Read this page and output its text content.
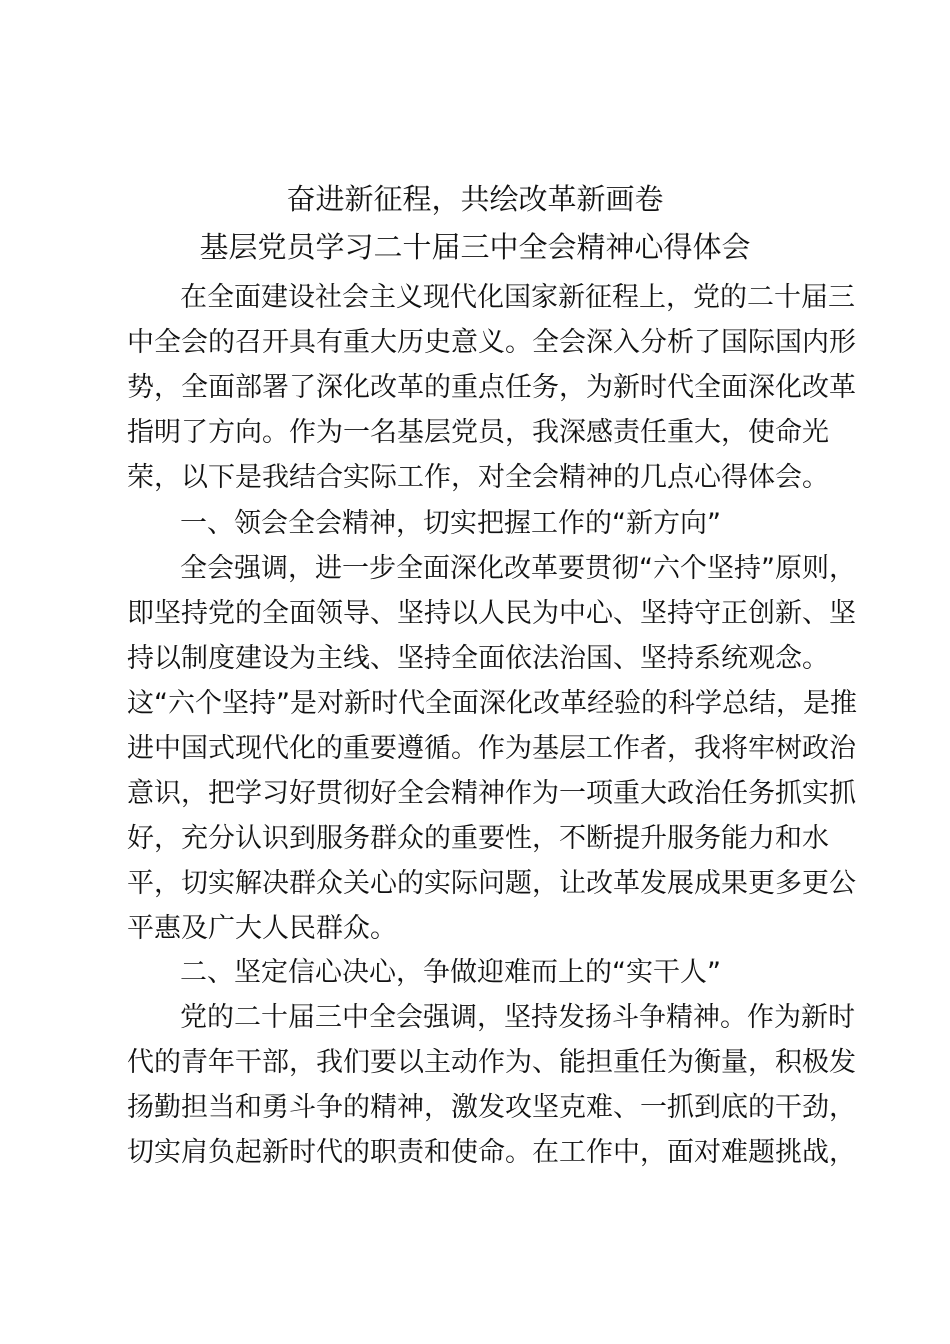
奋进新征程，共绘改革新画卷
基层党员学习二十届三中全会精神心得体会
在全面建设社会主义现代化国家新征程上，党的二十届三
中全会的召开具有重大历史意义。全会深入分析了国际国内形
势，全面部署了深化改革的重点任务，为新时代全面深化改革
指明了方向。作为一名基层党员，我深感责任重大，使命光
荣，以下是我结合实际工作，对全会精神的几点心得体会。
一、领会全会精神，切实把握工作的“新方向”
全会强调，进一步全面深化改革要贯彻“六个坚持”原则，
即坚持党的全面领导、坚持以人民为中心、坚持守正创新、坚
持以制度建设为主线、坚持全面依法治国、坚持系统观念。
这“六个坚持”是对新时代全面深化改革经验的科学总结，是推
进中国式现代化的重要遵循。作为基层工作者，我将牢树政治
意识，把学习好贯彻好全会精神作为一项重大政治任务抓实抓
好，充分认识到服务群众的重要性，不断提升服务能力和水
平，切实解决群众关心的实际问题，让改革发展成果更多更公
平惠及广大人民群众。
二、坚定信心决心，争做迎难而上的“实干人”
党的二十届三中全会强调，坚持发扬斗争精神。作为新时
代的青年干部，我们要以主动作为、能担重任为衡量，积极发
扬勤担当和勇斗争的精神，激发攻坚克难、一抓到底的干劲，
切实肩负起新时代的职责和使命。在工作中，面对难题挑战，
